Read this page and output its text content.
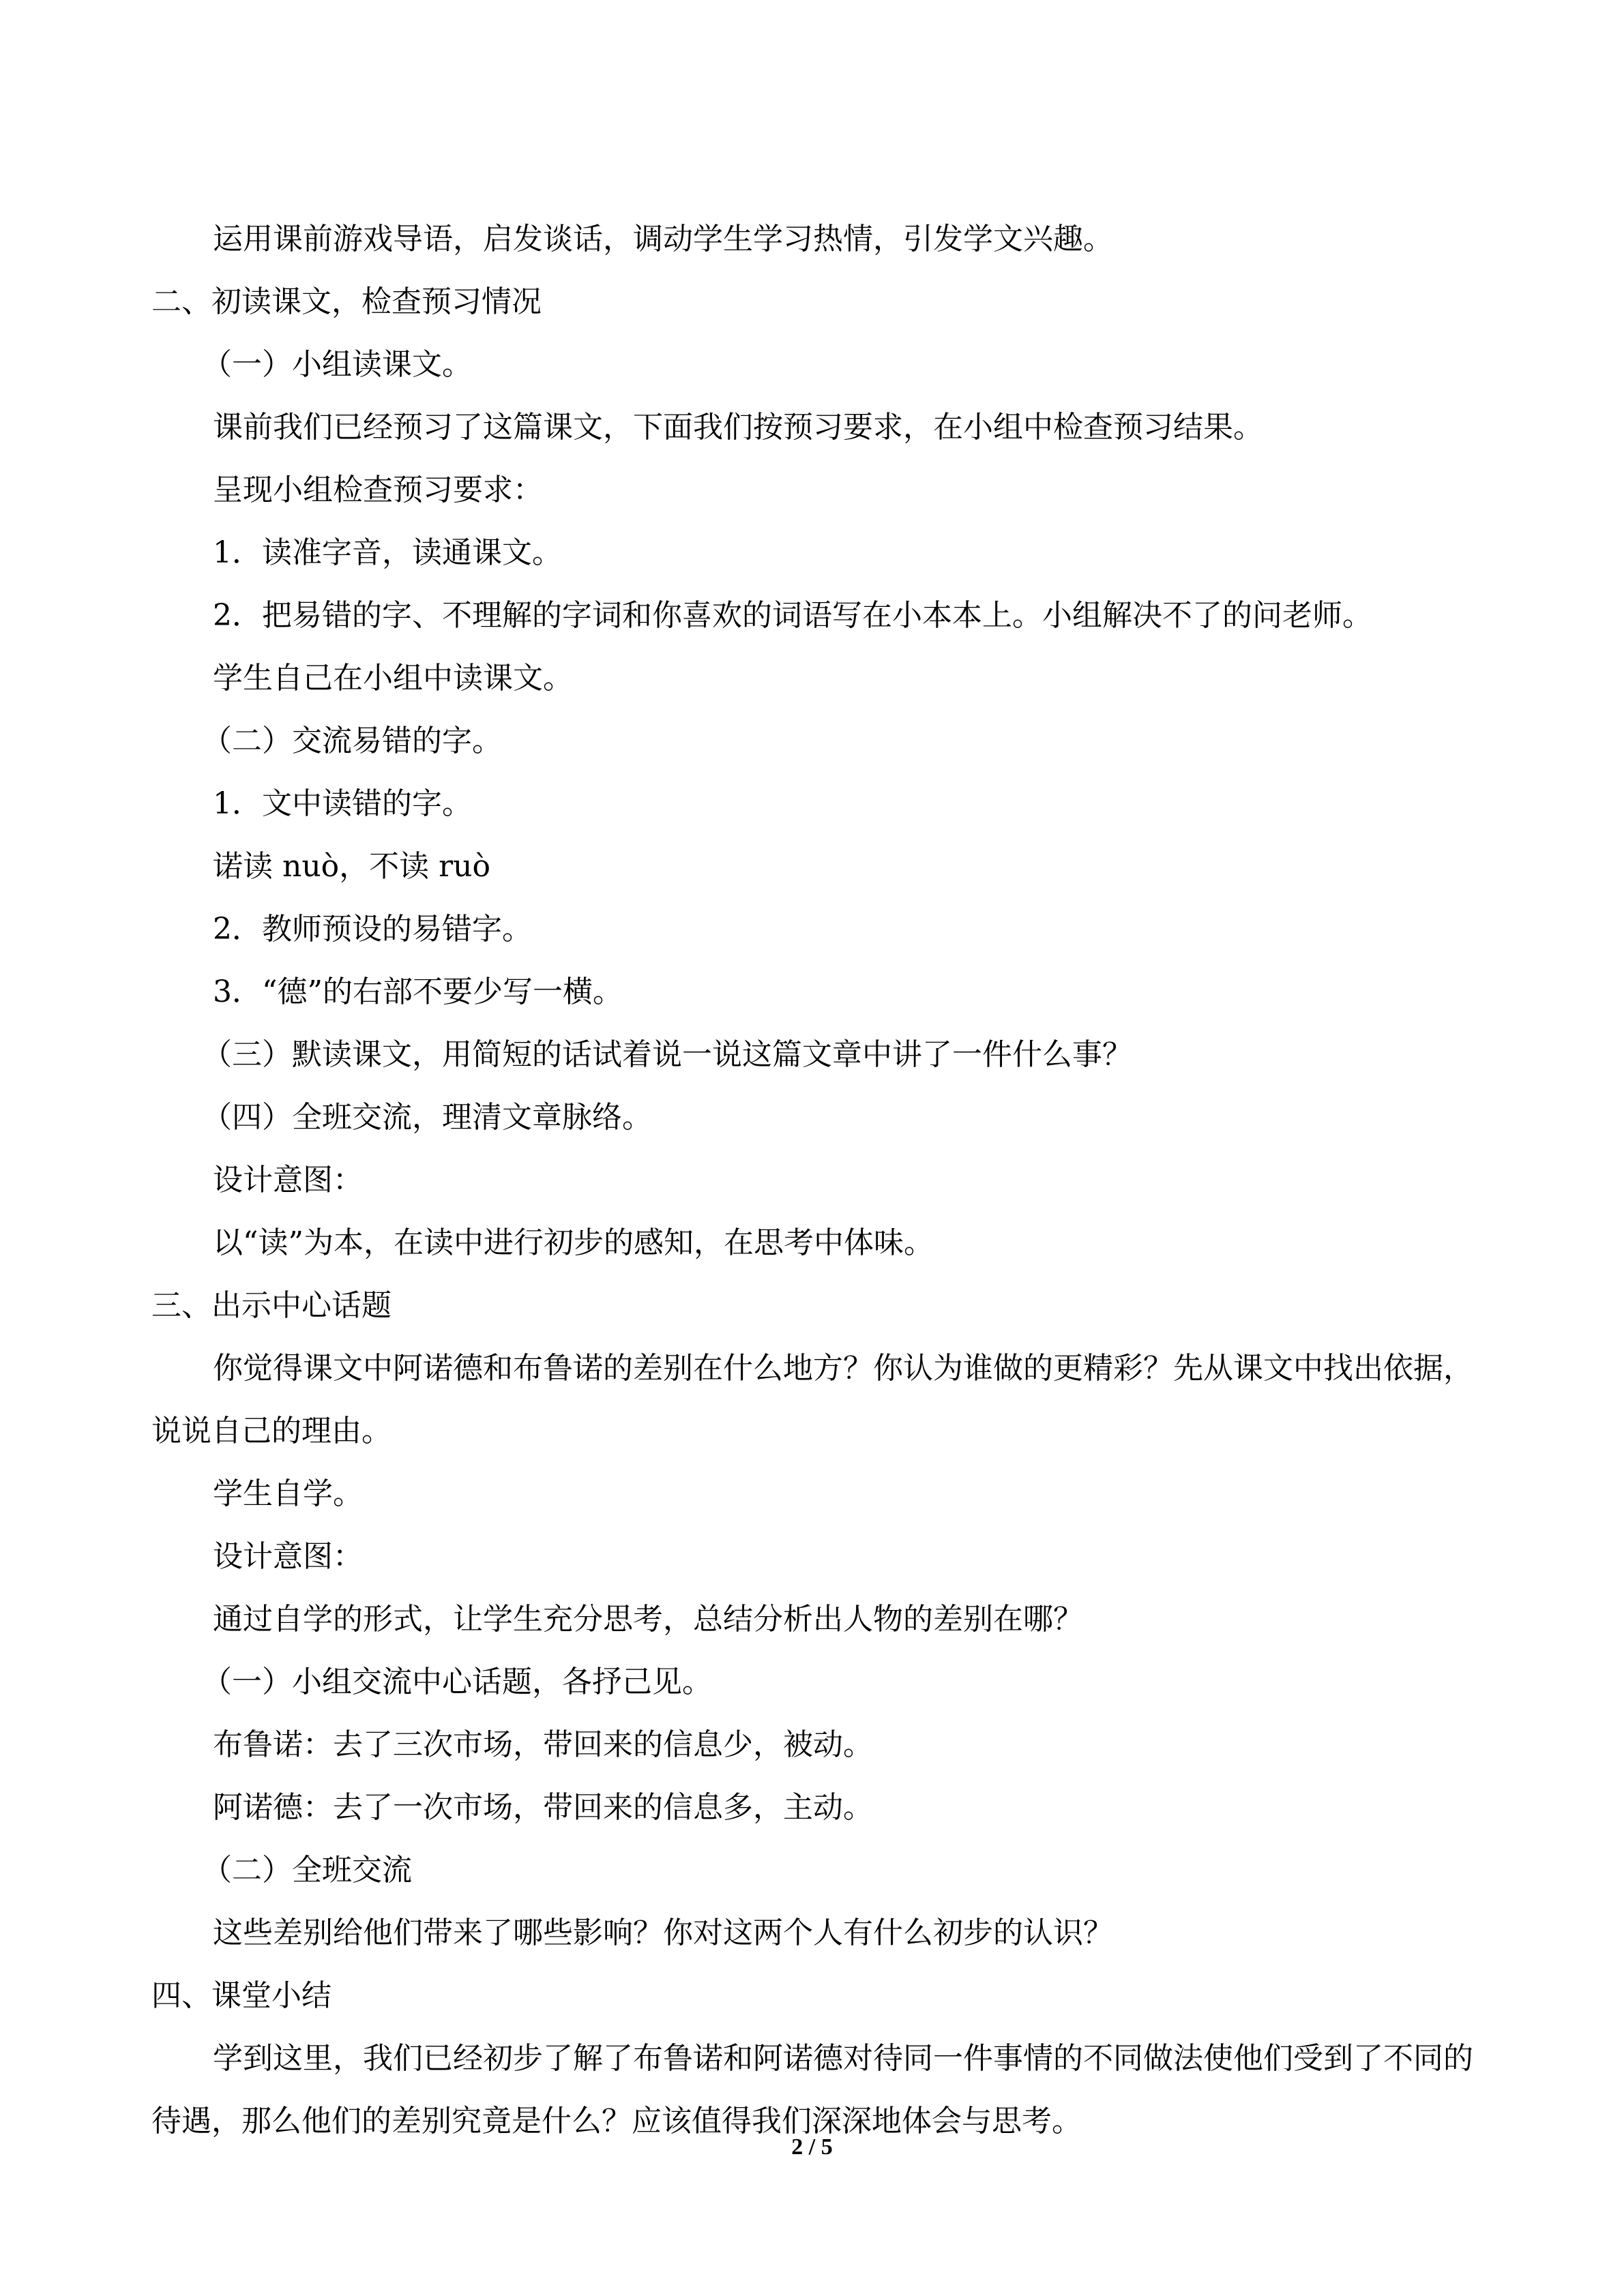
运用课前游戏导语，启发谈话，调动学生学习热情，引发学文兴趣。

二、初读课文，检查预习情况

（一）小组读课文。

课前我们已经预习了这篇课文，下面我们按预习要求，在小组中检查预习结果。

呈现小组检查预习要求：

1．读准字音，读通课文。

2．把易错的字、不理解的字词和你喜欢的词语写在小本本上。小组解决不了的问老师。

学生自己在小组中读课文。

（二）交流易错的字。

1．文中读错的字。

诺读 nuò，不读 ruò

2．教师预设的易错字。

3．“德”的右部不要少写一横。

（三）默读课文，用简短的话试着说一说这篇文章中讲了一件什么事？

（四）全班交流，理清文章脉络。

设计意图：

以“读”为本，在读中进行初步的感知，在思考中体味。

三、出示中心话题

你觉得课文中阿诺德和布鲁诺的差别在什么地方？你认为谁做的更精彩？先从课文中找出依据，说说自己的理由。

学生自学。

设计意图：

通过自学的形式，让学生充分思考，总结分析出人物的差别在哪？

（一）小组交流中心话题，各抒己见。

布鲁诺：去了三次市场，带回来的信息少，被动。

阿诺德：去了一次市场，带回来的信息多，主动。

（二）全班交流

这些差别给他们带来了哪些影响？你对这两个人有什么初步的认识？

四、课堂小结

学到这里，我们已经初步了解了布鲁诺和阿诺德对待同一件事情的不同做法使他们受到了不同的待遇，那么他们的差别究竟是什么？应该值得我们深深地体会与思考。

2 / 5
